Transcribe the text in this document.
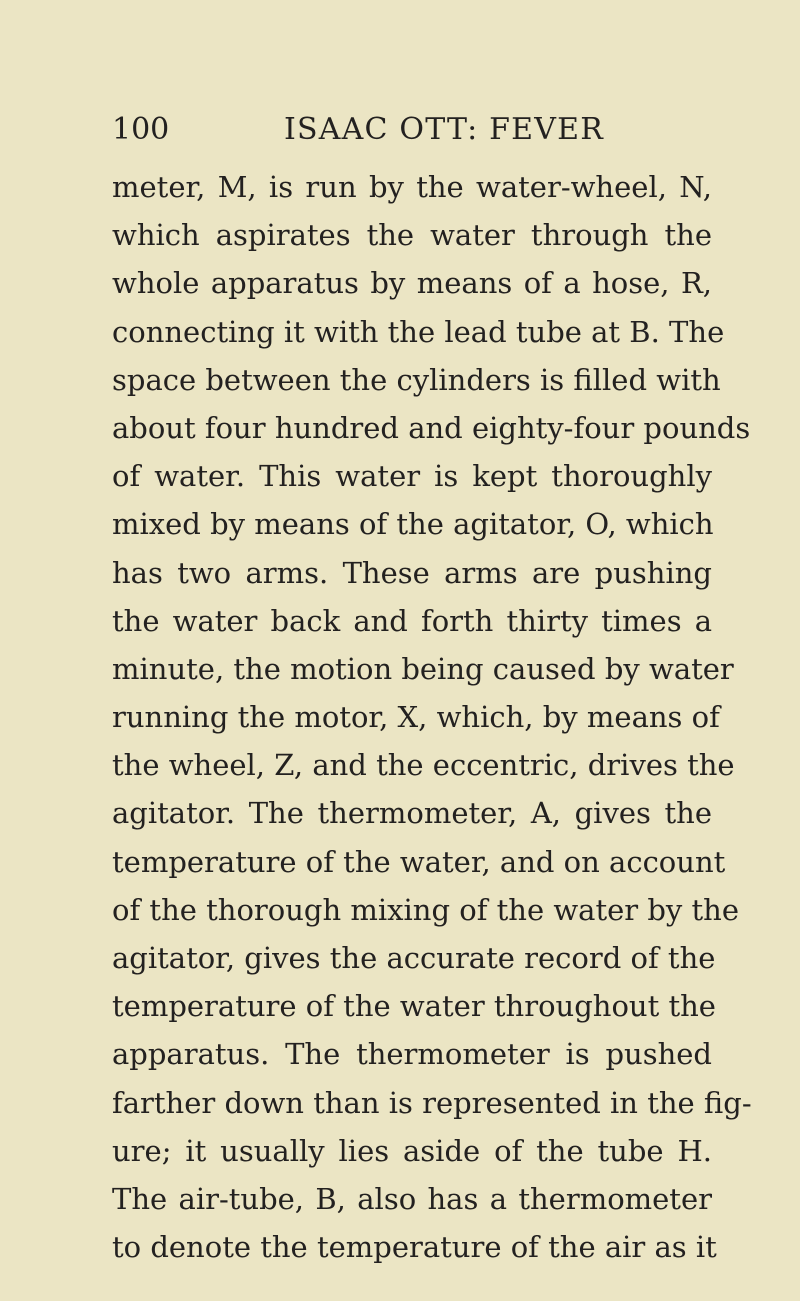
100	ISAAC OTT: FEVER
meter, M, is run by the water-wheel, N,
which aspirates the water through the
whole apparatus by means of a hose, R,
connecting it with the lead tube at B. The
space between the cylinders is filled with
about four hundred and eighty-four pounds
of water. This water is kept thoroughly
mixed by means of the agitator, O, which
has two arms. These arms are pushing
the water back and forth thirty times a
minute, the motion being caused by water
running the motor, X, which, by means of
the wheel, Z, and the eccentric, drives the
agitator. The thermometer, A, gives the
temperature of the water, and on account
of the thorough mixing of the water by the
agitator, gives the accurate record of the
temperature of the water throughout the
apparatus. The thermometer is pushed
farther down than is represented in the fig-
ure; it usually lies aside of the tube H.
The air-tube, B, also has a thermometer
to denote the temperature of the air as it
